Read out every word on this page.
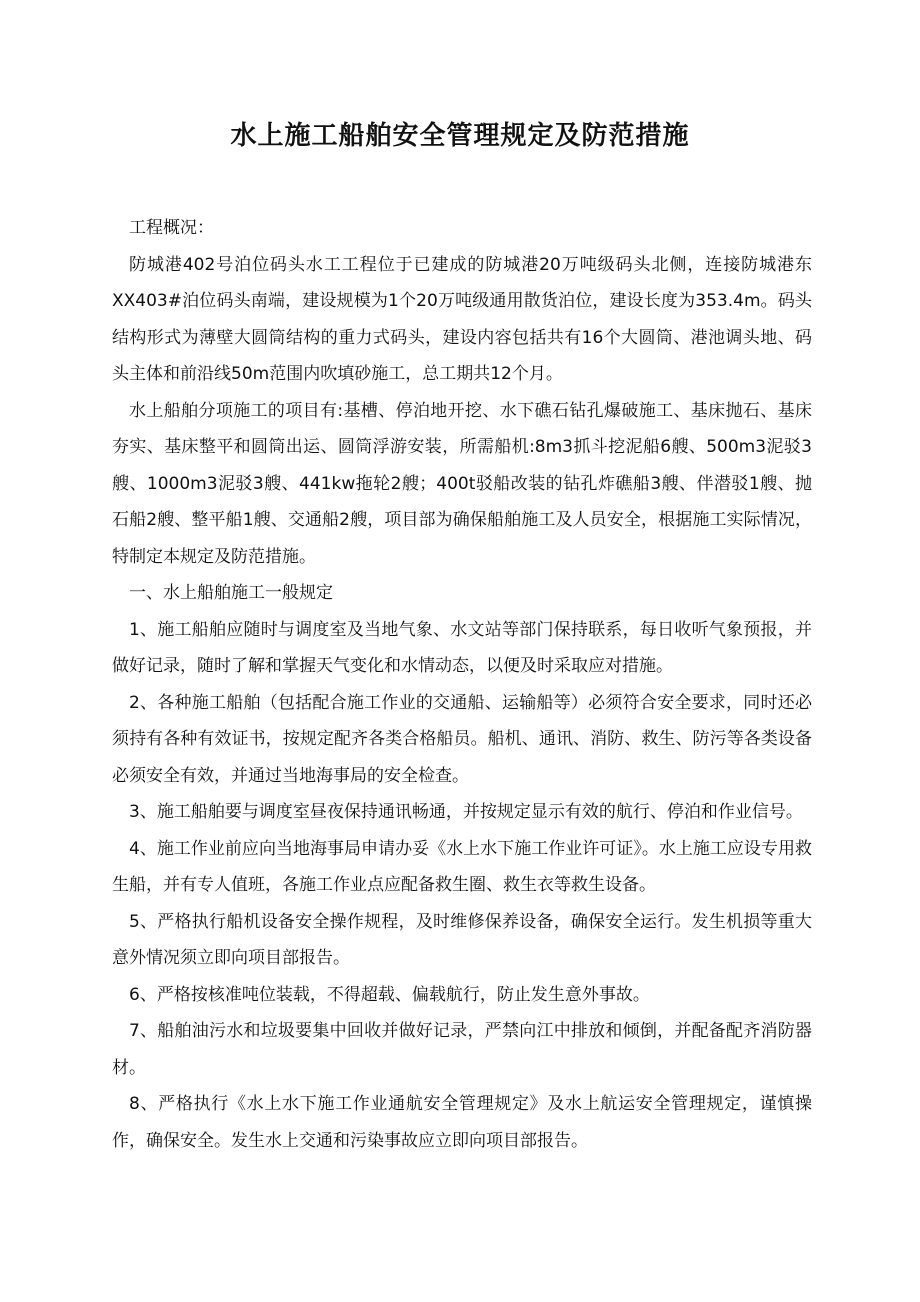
水上施工船舶安全管理规定及防范措施

工程概况：

防城港402号泊位码头水工工程位于已建成的防城港20万吨级码头北侧，连接防城港东XX403#泊位码头南端，建设规模为1个20万吨级通用散货泊位，建设长度为353.4m。码头结构形式为薄壁大圆筒结构的重力式码头，建设内容包括共有16个大圆筒、港池调头地、码头主体和前沿线50m范围内吹填砂施工，总工期共12个月。

水上船舶分项施工的项目有:基槽、停泊地开挖、水下礁石钻孔爆破施工、基床抛石、基床夯实、基床整平和圆筒出运、圆筒浮游安装，所需船机:8m3抓斗挖泥船6艘、500m3泥驳3艘、1000m3泥驳3艘、441kw拖轮2艘；400t驳船改装的钻孔炸礁船3艘、伴潜驳1艘、抛石船2艘、整平船1艘、交通船2艘，项目部为确保船舶施工及人员安全，根据施工实际情况，特制定本规定及防范措施。

一、水上船舶施工一般规定

1、施工船舶应随时与调度室及当地气象、水文站等部门保持联系，每日收听气象预报，并做好记录，随时了解和掌握天气变化和水情动态，以便及时采取应对措施。

2、各种施工船舶（包括配合施工作业的交通船、运输船等）必须符合安全要求，同时还必须持有各种有效证书，按规定配齐各类合格船员。船机、通讯、消防、救生、防污等各类设备必须安全有效，并通过当地海事局的安全检查。

3、施工船舶要与调度室昼夜保持通讯畅通，并按规定显示有效的航行、停泊和作业信号。

4、施工作业前应向当地海事局申请办妥《水上水下施工作业许可证》。水上施工应设专用救生船，并有专人值班，各施工作业点应配备救生圈、救生衣等救生设备。

5、严格执行船机设备安全操作规程，及时维修保养设备，确保安全运行。发生机损等重大意外情况须立即向项目部报告。

6、严格按核准吨位装载，不得超载、偏载航行，防止发生意外事故。

7、船舶油污水和垃圾要集中回收并做好记录，严禁向江中排放和倾倒，并配备配齐消防器材。

8、严格执行《水上水下施工作业通航安全管理规定》及水上航运安全管理规定，谨慎操作，确保安全。发生水上交通和污染事故应立即向项目部报告。
